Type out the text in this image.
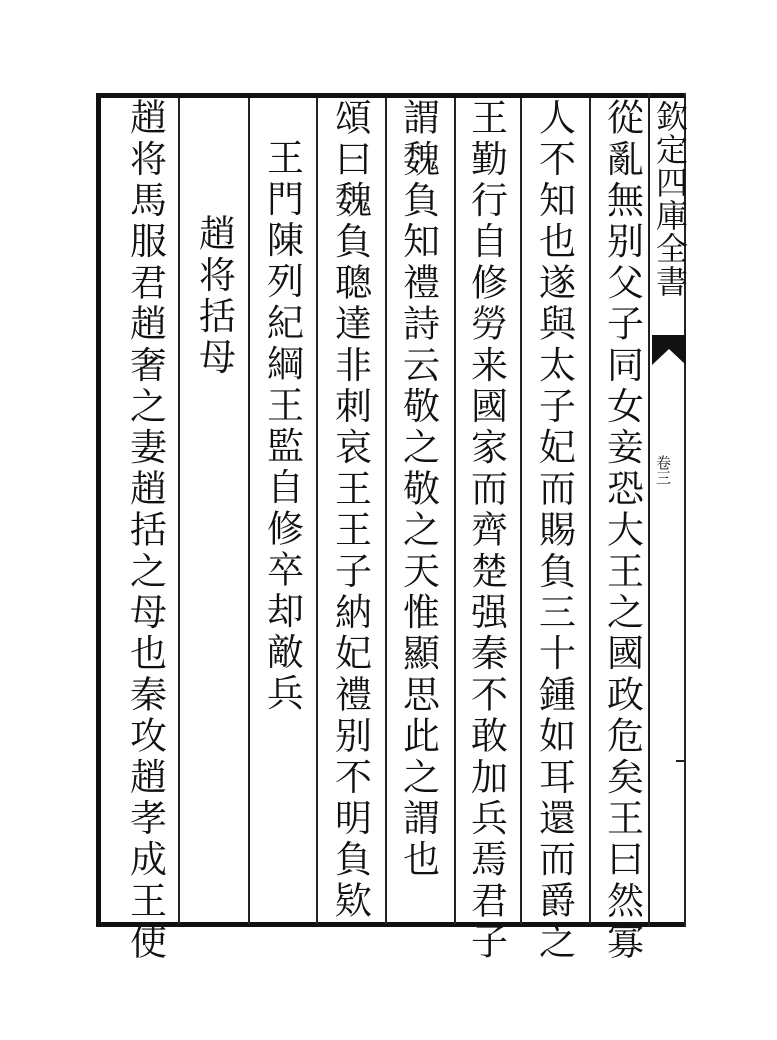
欽定四庫全書
卷三
從亂無别父子同女妾恐大王之國政危矣王曰然寡
人不知也遂與太子妃而賜負三十鍾如耳還而爵之
王勤行自修勞来國家而齊楚强秦不敢加兵焉君子
謂魏負知禮詩云敬之敬之天惟顯思此之謂也
頌曰魏負聰達非刺哀王王子納妃禮别不明負欵
王門陳列紀綱王監自修卒却敵兵
趙将括母
趙将馬服君趙奢之妻趙括之母也秦攻趙孝成王使
